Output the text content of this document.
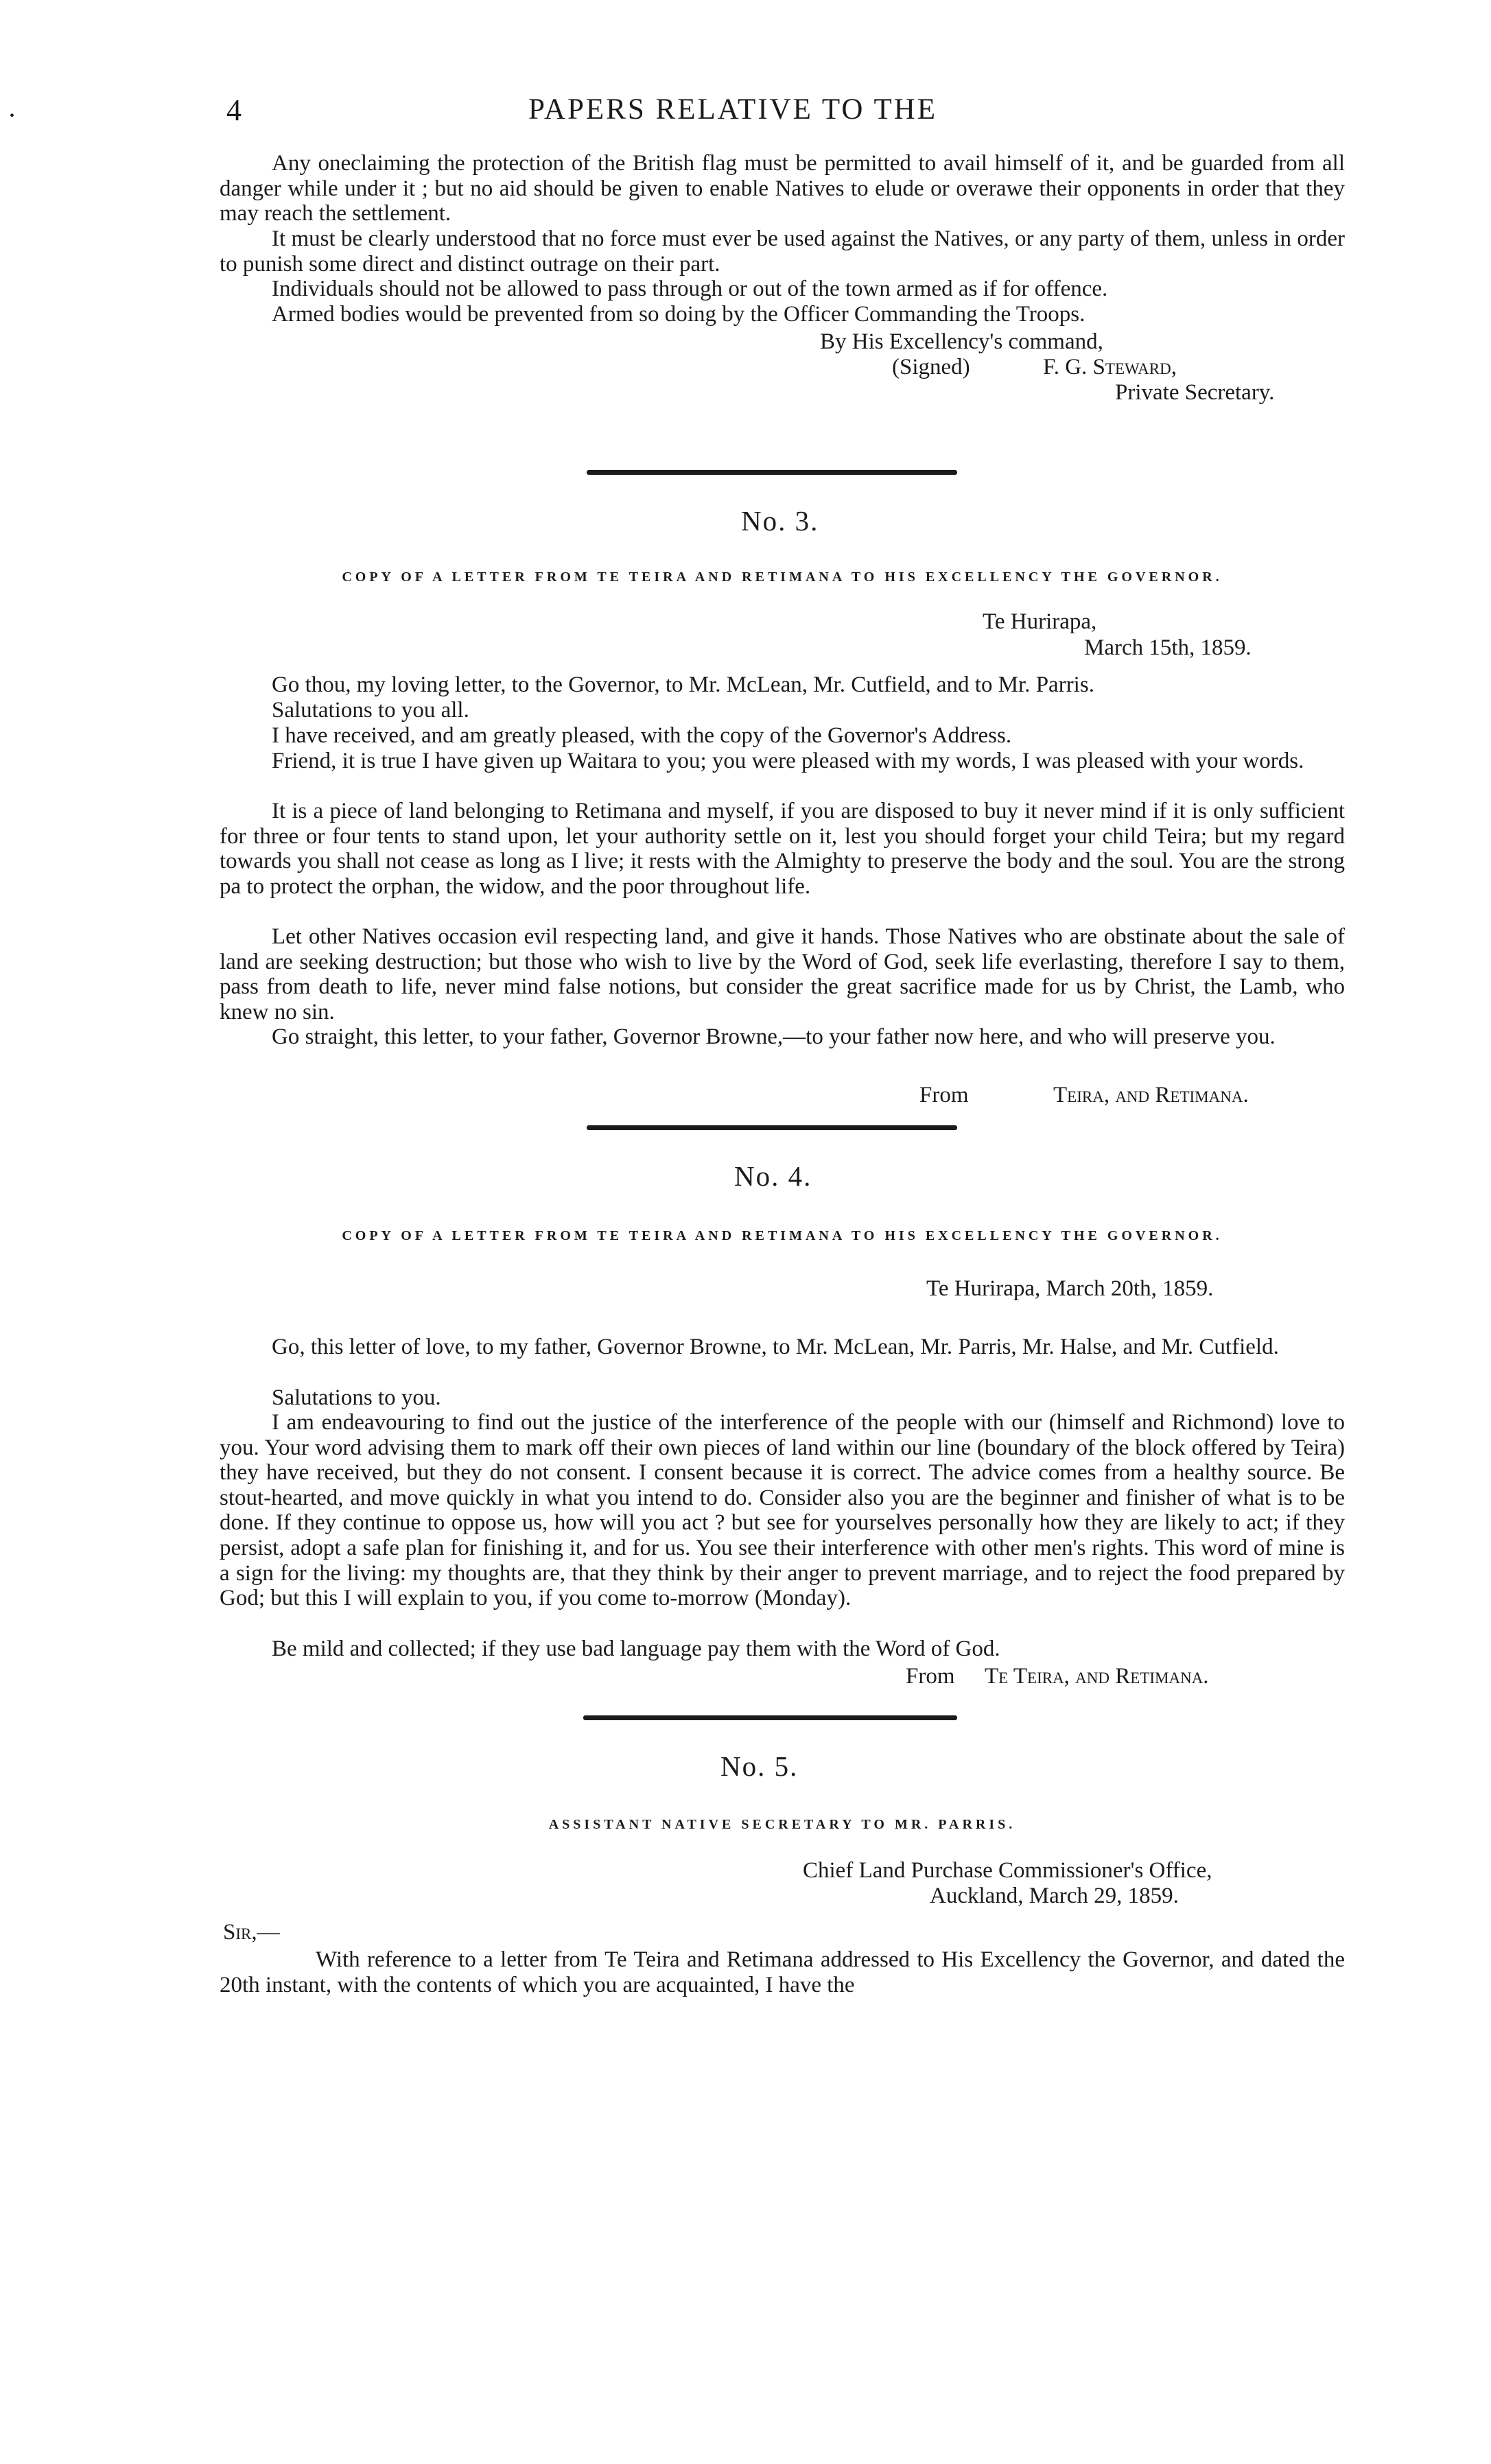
•	4	PAPERS RELATIVE TO THE

Any oneclaiming the protection of the British flag must be permitted to avail himself of it, and be guarded from all danger while under it ; but no aid should be given to enable Natives to elude or overawe their opponents in order that they may reach the settlement.

It must be clearly understood that no force must ever be used against the Natives, or any party of them, unless in order to punish some direct and distinct outrage on their part.

Individuals should not be allowed to pass through or out of the town armed as if for offence.

Armed bodies would be prevented from so doing by the Officer Commanding the Troops.

By His Excellency's command,
(Signed)	F. G. Steward,
Private Secretary.
No. 3.
COPY OF A LETTER FROM TE TEIRA AND RETIMANA TO HIS EXCELLENCY THE GOVERNOR.
Te Hurirapa,
March 15th, 1859.

Go thou, my loving letter, to the Governor, to Mr. McLean, Mr. Cutfield, and to Mr. Parris.

Salutations to you all.

I have received, and am greatly pleased, with the copy of the Governor's Address.

Friend, it is true I have given up Waitara to you; you were pleased with my words, I was pleased with your words.

It is a piece of land belonging to Retimana and myself, if you are disposed to buy it never mind if it is only sufficient for three or four tents to stand upon, let your authority settle on it, lest you should forget your child Teira; but my regard towards you shall not cease as long as I live; it rests with the Almighty to preserve the body and the soul. You are the strong pa to protect the orphan, the widow, and the poor throughout life.

Let other Natives occasion evil respecting land, and give it hands. Those Natives who are obstinate about the sale of land are seeking destruction; but those who wish to live by the Word of God, seek life everlasting, therefore I say to them, pass from death to life, never mind false notions, but consider the great sacrifice made for us by Christ, the Lamb, who knew no sin.

Go straight, this letter, to your father, Governor Browne,—to your father now here, and who will preserve you.

From	Teira, and Retimana.
No. 4.
COPY OF A LETTER FROM TE TEIRA AND RETIMANA TO HIS EXCELLENCY THE GOVERNOR.
Te Hurirapa, March 20th, 1859.

Go, this letter of love, to my father, Governor Browne, to Mr. McLean, Mr. Parris, Mr. Halse, and Mr. Cutfield.

Salutations to you.

I am endeavouring to find out the justice of the interference of the people with our (himself and Richmond) love to you. Your word advising them to mark off their own pieces of land within our line (boundary of the block offered by Teira) they have received, but they do not consent. I consent because it is correct. The advice comes from a healthy source. Be stout-hearted, and move quickly in what you intend to do. Consider also you are the beginner and finisher of what is to be done. If they continue to oppose us, how will you act ? but see for yourselves personally how they are likely to act; if they persist, adopt a safe plan for finishing it, and for us. You see their interference with other men's rights. This word of mine is a sign for the living: my thoughts are, that they think by their anger to prevent marriage, and to reject the food prepared by God; but this I will explain to you, if you come to-morrow (Monday).

Be mild and collected; if they use bad language pay them with the Word of God.

From Te Teira, and Retimana.
No. 5.
ASSISTANT NATIVE SECRETARY TO MR. PARRIS.
Chief Land Purchase Commissioner's Office,
Auckland, March 29, 1859.
Sir,—

With reference to a letter from Te Teira and Retimana addressed to His Excellency the Governor, and dated the 20th instant, with the contents of which you are acquainted, I have the
